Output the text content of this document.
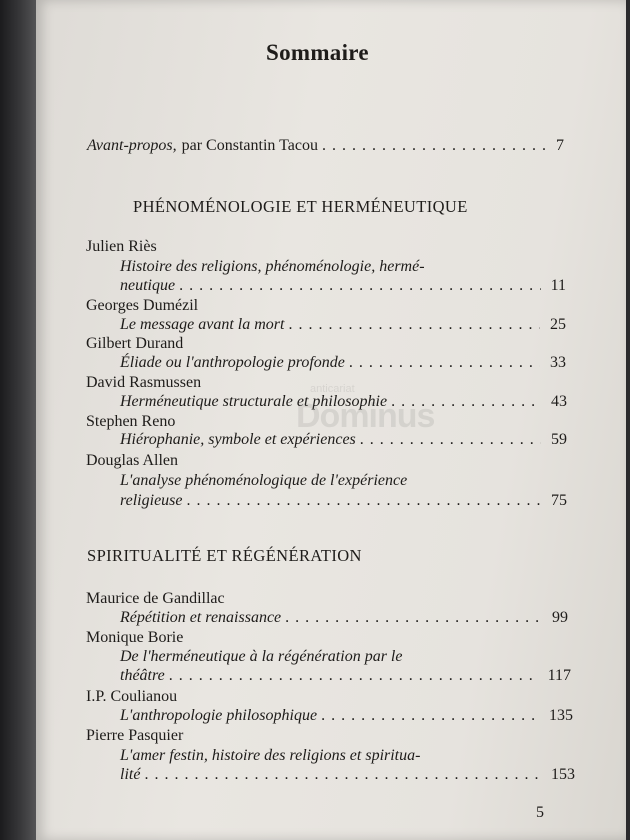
Sommaire
Avant-propos, par Constantin Tacou . . .	7
PHÉNOMÉNOLOGIE ET HERMÉNEUTIQUE
Julien Riès
Histoire des religions, phénoménologie, hermé-
neutique . . .	11
Georges Dumézil
Le message avant la mort . . .	25
Gilbert Durand
Éliade ou l'anthropologie profonde . . .	33
David Rasmussen
Herméneutique structurale et philosophie . . .	43
Stephen Reno
Hiérophanie, symbole et expériences . . .	59
Douglas Allen
L'analyse phénoménologique de l'expérience
religieuse . . .	75
SPIRITUALITÉ ET RÉGÉNÉRATION
Maurice de Gandillac
Répétition et renaissance . . .	99
Monique Borie
De l'herméneutique à la régénération par le
théâtre . . .	117
I.P. Coulianou
L'anthropologie philosophique . . .	135
Pierre Pasquier
L'amer festin, histoire des religions et spiritua-
lité . . .	153
5
anticariat
Dominus
